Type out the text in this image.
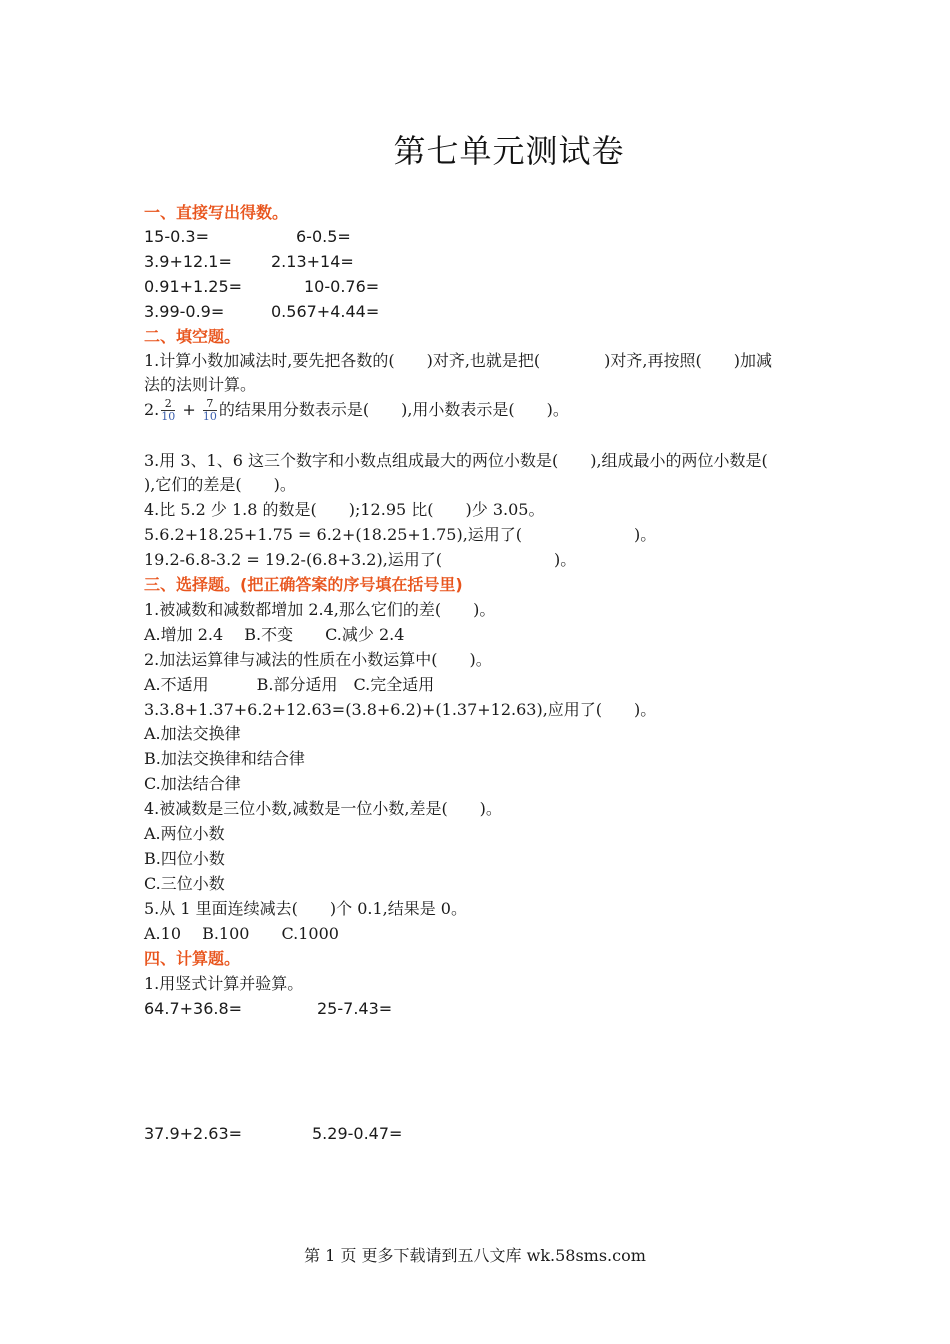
第七单元测试卷
一、直接写出得数。
15-0.3=	6-0.5=
3.9+12.1= 2.13+14=
0.91+1.25=	10-0.76=
3.99-0.9=	0.567+4.44=
二、填空题。
1.计算小数加减法时,要先把各数的(　　)对齐,也就是把(　　　　)对齐,再按照(　　)加减
法的法则计算。
2. $\frac{2}{10} + \frac{7}{10}$ 的结果用分数表示是(　　),用小数表示是(　　)。
3.用 3、1、6 这三个数字和小数点组成最大的两位小数是(　　),组成最小的两位小数是(
),它们的差是(　　)。
4.比 5.2 少 1.8 的数是(　　);12.95 比(　　)少 3.05。
5.6.2+18.25+1.75 = 6.2+(18.25+1.75),运用了(　　　　　　　)。
19.2-6.8-3.2 = 19.2-(6.8+3.2),运用了(　　　　　　　)。
三、选择题。(把正确答案的序号填在括号里)
1.被减数和减数都增加 2.4,那么它们的差(　　)。
A.增加 2.4　 B.不变　　C.减少 2.4
2.加法运算律与减法的性质在小数运算中(　　)。
A.不适用　　　B.部分适用　C.完全适用
3.3.8+1.37+6.2+12.63=(3.8+6.2)+(1.37+12.63),应用了(　　)。
A.加法交换律
B.加法交换律和结合律
C.加法结合律
4.被减数是三位小数,减数是一位小数,差是(　　)。
A.两位小数
B.四位小数
C.三位小数
5.从 1 里面连续减去(　　)个 0.1,结果是 0。
A.10　 B.100　　C.1000
四、计算题。
1.用竖式计算并验算。
64.7+36.8=	25-7.43=
37.9+2.63=	5.29-0.47=
第 1 页 更多下载请到五八文库 wk.58sms.com
